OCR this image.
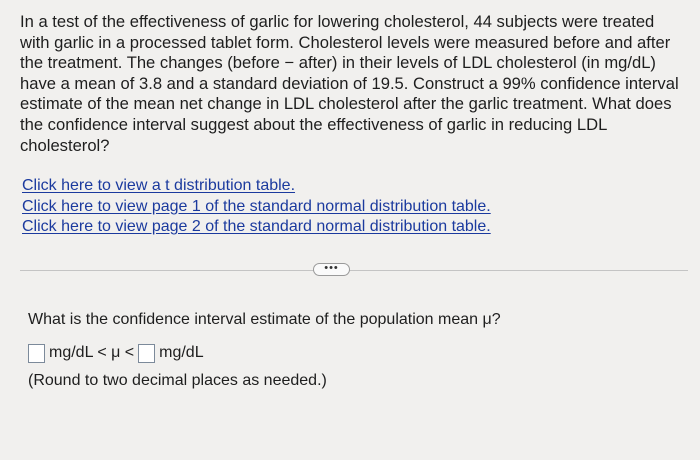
In a test of the effectiveness of garlic for lowering cholesterol, 44 subjects were treated with garlic in a processed tablet form. Cholesterol levels were measured before and after the treatment. The changes (before − after) in their levels of LDL cholesterol (in mg/dL) have a mean of 3.8 and a standard deviation of 19.5. Construct a 99% confidence interval estimate of the mean net change in LDL cholesterol after the garlic treatment. What does the confidence interval suggest about the effectiveness of garlic in reducing LDL cholesterol?

Click here to view a t distribution table.
Click here to view page 1 of the standard normal distribution table.
Click here to view page 2 of the standard normal distribution table.
•••
What is the confidence interval estimate of the population mean μ?
mg/dL < μ < mg/dL
(Round to two decimal places as needed.)
